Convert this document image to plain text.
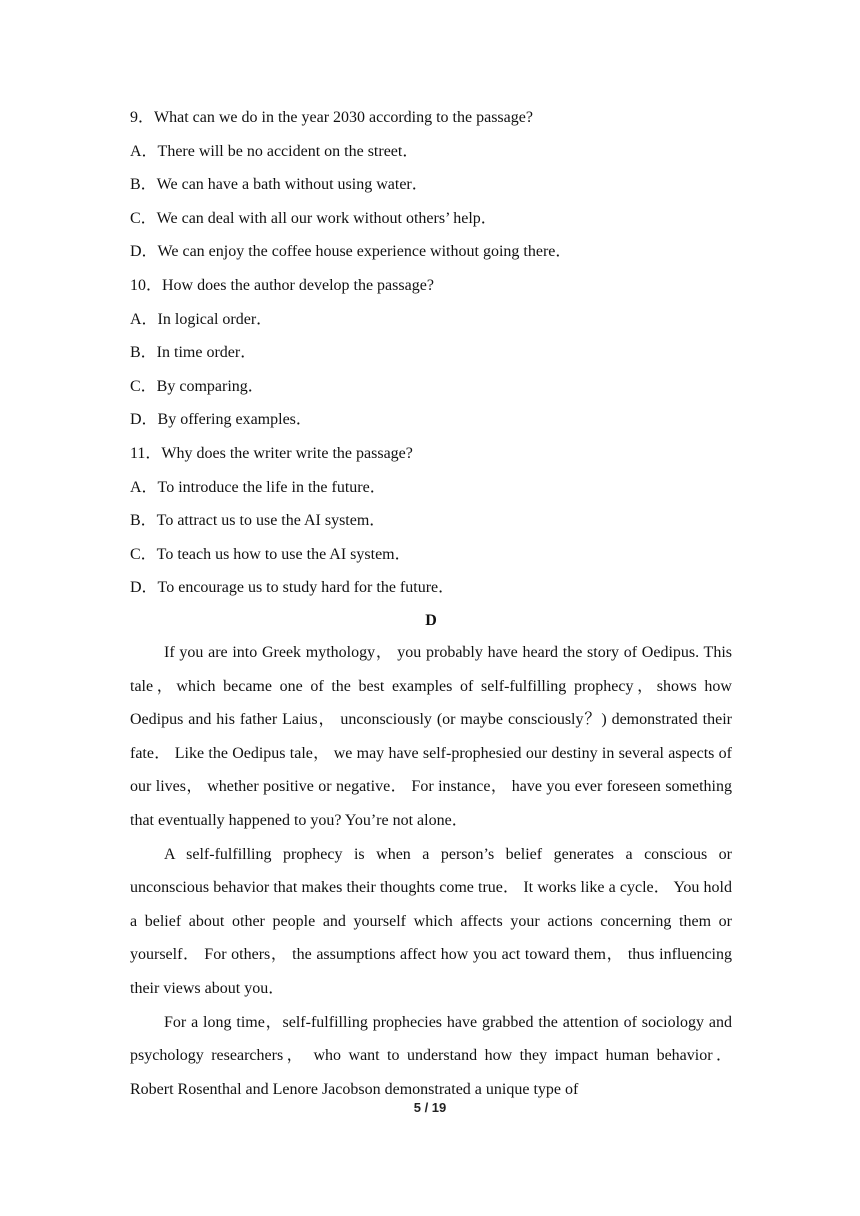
9．What can we do in the year 2030 according to the passage?
A．There will be no accident on the street．
B．We can have a bath without using water．
C．We can deal with all our work without others’ help．
D．We can enjoy the coffee house experience without going there．
10．How does the author develop the passage?
A．In logical order．
B．In time order．
C．By comparing．
D．By offering examples．
11．Why does the writer write the passage?
A．To introduce the life in the future．
B．To attract us to use the AI system．
C．To teach us how to use the AI system．
D．To encourage us to study hard for the future．
D

If you are into Greek mythology， you probably have heard the story of Oedipus. This tale，which became one of the best examples of self-fulfilling prophecy，shows how Oedipus and his father Laius， unconsciously (or maybe consciously？) demonstrated their fate． Like the Oedipus tale， we may have self-prophesied our destiny in several aspects of our lives， whether positive or negative． For instance， have you ever foreseen something that eventually happened to you? You’re not alone．

A self-fulfilling prophecy is when a person’s belief generates a conscious or unconscious behavior that makes their thoughts come true． It works like a cycle． You hold a belief about other people and yourself which affects your actions concerning them or yourself． For others， the assumptions affect how you act toward them， thus influencing their views about you．

For a long time，self-fulfilling prophecies have grabbed the attention of sociology and psychology researchers， who want to understand how they impact human behavior． Robert Rosenthal and Lenore Jacobson demonstrated a unique type of

5 / 19
